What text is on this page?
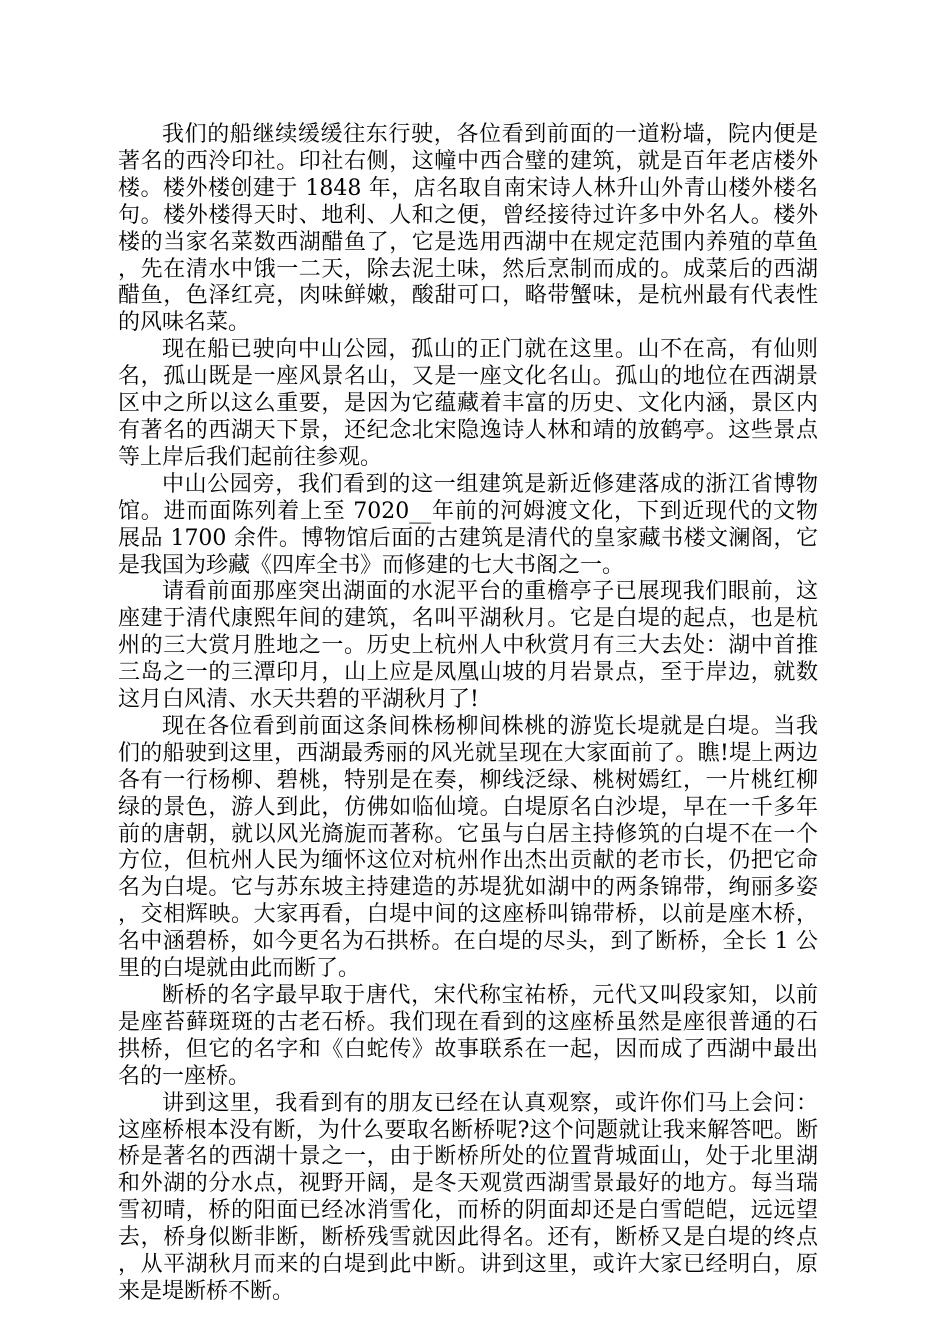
我们的船继续缓缓往东行驶，各位看到前面的一道粉墙，院内便是著名的西泠印社。印社右侧，这幢中西合璧的建筑，就是百年老店楼外楼。楼外楼创建于 1848 年，店名取自南宋诗人林升山外青山楼外楼名句。楼外楼得天时、地利、人和之便，曾经接待过许多中外名人。楼外楼的当家名菜数西湖醋鱼了，它是选用西湖中在规定范围内养殖的草鱼，先在清水中饿一二天，除去泥土味，然后烹制而成的。成菜后的西湖醋鱼，色泽红亮，肉味鲜嫩，酸甜可口，略带蟹味，是杭州最有代表性的风味名菜。

现在船已驶向中山公园，孤山的正门就在这里。山不在高，有仙则名，孤山既是一座风景名山，又是一座文化名山。孤山的地位在西湖景区中之所以这么重要，是因为它蕴藏着丰富的历史、文化内涵，景区内有著名的西湖天下景，还纪念北宋隐逸诗人林和靖的放鹤亭。这些景点等上岸后我们起前往参观。

中山公园旁，我们看到的这一组建筑是新近修建落成的浙江省博物馆。进而面陈列着上至 7020__年前的河姆渡文化，下到近现代的文物展品 1700 余件。博物馆后面的古建筑是清代的皇家藏书楼文澜阁，它是我国为珍藏《四库全书》而修建的七大书阁之一。

请看前面那座突出湖面的水泥平台的重檐亭子已展现我们眼前，这座建于清代康熙年间的建筑，名叫平湖秋月。它是白堤的起点，也是杭州的三大赏月胜地之一。历史上杭州人中秋赏月有三大去处：湖中首推三岛之一的三潭印月，山上应是凤凰山坡的月岩景点，至于岸边，就数这月白风清、水天共碧的平湖秋月了!

现在各位看到前面这条间株杨柳间株桃的游览长堤就是白堤。当我们的船驶到这里，西湖最秀丽的风光就呈现在大家面前了。瞧!堤上两边各有一行杨柳、碧桃，特别是在奏，柳线泛绿、桃树嫣红，一片桃红柳绿的景色，游人到此，仿佛如临仙境。白堤原名白沙堤，早在一千多年前的唐朝，就以风光旖旎而著称。它虽与白居主持修筑的白堤不在一个方位，但杭州人民为缅怀这位对杭州作出杰出贡献的老市长，仍把它命名为白堤。它与苏东坡主持建造的苏堤犹如湖中的两条锦带，绚丽多姿，交相辉映。大家再看，白堤中间的这座桥叫锦带桥，以前是座木桥，名中涵碧桥，如今更名为石拱桥。在白堤的尽头，到了断桥，全长 1 公里的白堤就由此而断了。

断桥的名字最早取于唐代，宋代称宝祐桥，元代又叫段家知，以前是座苔藓斑斑的古老石桥。我们现在看到的这座桥虽然是座很普通的石拱桥，但它的名字和《白蛇传》故事联系在一起，因而成了西湖中最出名的一座桥。

讲到这里，我看到有的朋友已经在认真观察，或许你们马上会问：这座桥根本没有断，为什么要取名断桥呢?这个问题就让我来解答吧。断桥是著名的西湖十景之一，由于断桥所处的位置背城面山，处于北里湖和外湖的分水点，视野开阔，是冬天观赏西湖雪景最好的地方。每当瑞雪初晴，桥的阳面已经冰消雪化，而桥的阴面却还是白雪皑皑，远远望去，桥身似断非断，断桥残雪就因此得名。还有，断桥又是白堤的终点，从平湖秋月而来的白堤到此中断。讲到这里，或许大家已经明白，原来是堤断桥不断。
